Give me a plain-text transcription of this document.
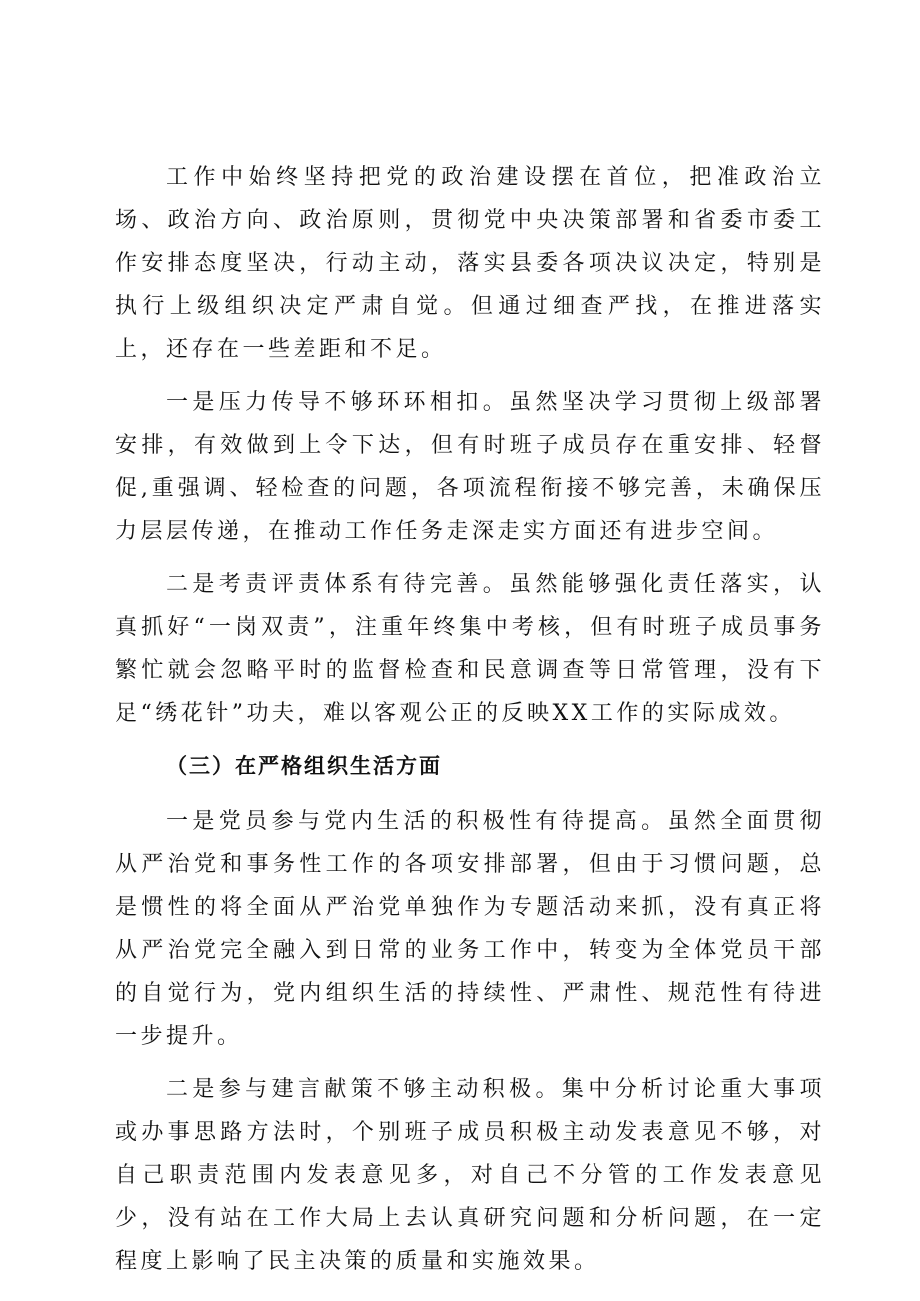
工作中始终坚持把党的政治建设摆在首位，把准政治立场、政治方向、政治原则，贯彻党中央决策部署和省委市委工作安排态度坚决，行动主动，落实县委各项决议决定，特别是执行上级组织决定严肃自觉。但通过细查严找，在推进落实上，还存在一些差距和不足。

一是压力传导不够环环相扣。虽然坚决学习贯彻上级部署安排，有效做到上令下达，但有时班子成员存在重安排、轻督促,重强调、轻检查的问题，各项流程衔接不够完善，未确保压力层层传递，在推动工作任务走深走实方面还有进步空间。

二是考责评责体系有待完善。虽然能够强化责任落实，认真抓好“一岗双责”，注重年终集中考核，但有时班子成员事务繁忙就会忽略平时的监督检查和民意调查等日常管理，没有下足“绣花针”功夫，难以客观公正的反映XX工作的实际成效。

（三）在严格组织生活方面

一是党员参与党内生活的积极性有待提高。虽然全面贯彻从严治党和事务性工作的各项安排部署，但由于习惯问题，总是惯性的将全面从严治党单独作为专题活动来抓，没有真正将从严治党完全融入到日常的业务工作中，转变为全体党员干部的自觉行为，党内组织生活的持续性、严肃性、规范性有待进一步提升。

二是参与建言献策不够主动积极。集中分析讨论重大事项或办事思路方法时，个别班子成员积极主动发表意见不够，对自己职责范围内发表意见多，对自己不分管的工作发表意见少，没有站在工作大局上去认真研究问题和分析问题，在一定程度上影响了民主决策的质量和实施效果。
